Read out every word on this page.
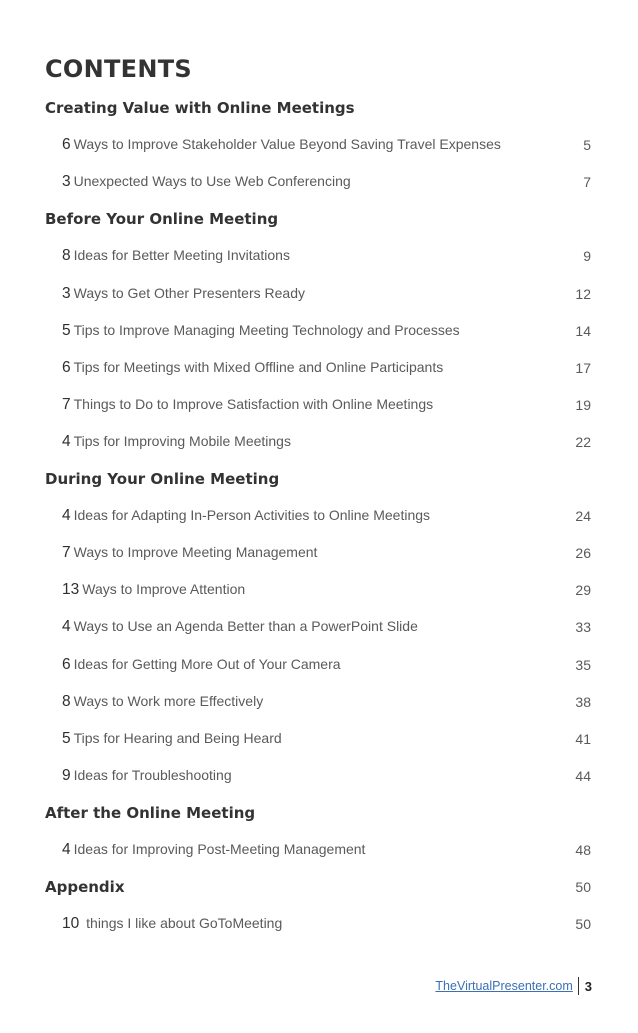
CONTENTS
Creating Value with Online Meetings
6 Ways to Improve Stakeholder Value Beyond Saving Travel Expenses	5
3 Unexpected Ways to Use Web Conferencing	7
Before Your Online Meeting
8 Ideas for Better Meeting Invitations	9
3 Ways to Get Other Presenters Ready	12
5 Tips to Improve Managing Meeting Technology and Processes	14
6 Tips for Meetings with Mixed Offline and Online Participants	17
7 Things to Do to Improve Satisfaction with Online Meetings	19
4 Tips for Improving Mobile Meetings	22
During Your Online Meeting
4 Ideas for Adapting In-Person Activities to Online Meetings	24
7 Ways to Improve Meeting Management	26
13 Ways to Improve Attention	29
4 Ways to Use an Agenda Better than a PowerPoint Slide	33
6 Ideas for Getting More Out of Your Camera	35
8 Ways to Work more Effectively	38
5 Tips for Hearing and Being Heard	41
9 Ideas for Troubleshooting	44
After the Online Meeting
4 Ideas for Improving Post-Meeting Management	48
Appendix	50
10 things I like about GoToMeeting	50
TheVirtualPresenter.com 3
